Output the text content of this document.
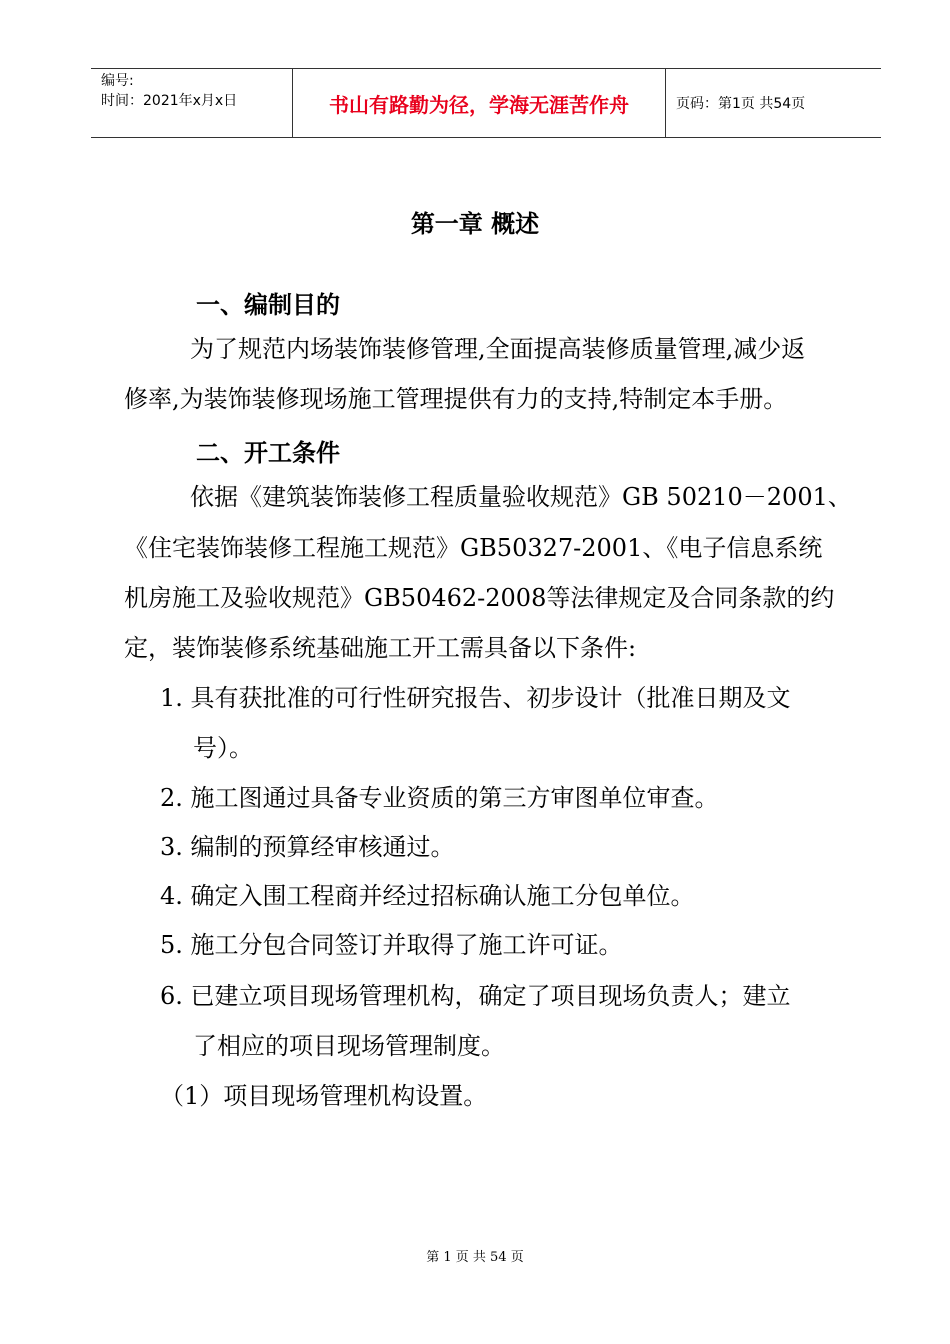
编号:
时间：2021年x月x日	书山有路勤为径，学海无涯苦作舟	页码：第1页 共54页
第一章 概述
一、编制目的
为了规范内场装饰装修管理,全面提高装修质量管理,减少返
修率,为装饰装修现场施工管理提供有力的支持,特制定本手册。
二、开工条件
依据《建筑装饰装修工程质量验收规范》GB 50210－2001、
《住宅装饰装修工程施工规范》GB50327-2001、《电子信息系统
机房施工及验收规范》GB50462-2008等法律规定及合同条款的约
定，装饰装修系统基础施工开工需具备以下条件:
1. 具有获批准的可行性研究报告、初步设计（批准日期及文
号）。
2. 施工图通过具备专业资质的第三方审图单位审查。
3. 编制的预算经审核通过。
4. 确定入围工程商并经过招标确认施工分包单位。
5. 施工分包合同签订并取得了施工许可证。
6. 已建立项目现场管理机构，确定了项目现场负责人；建立
了相应的项目现场管理制度。
（1）项目现场管理机构设置。
第 1 页 共 54 页
